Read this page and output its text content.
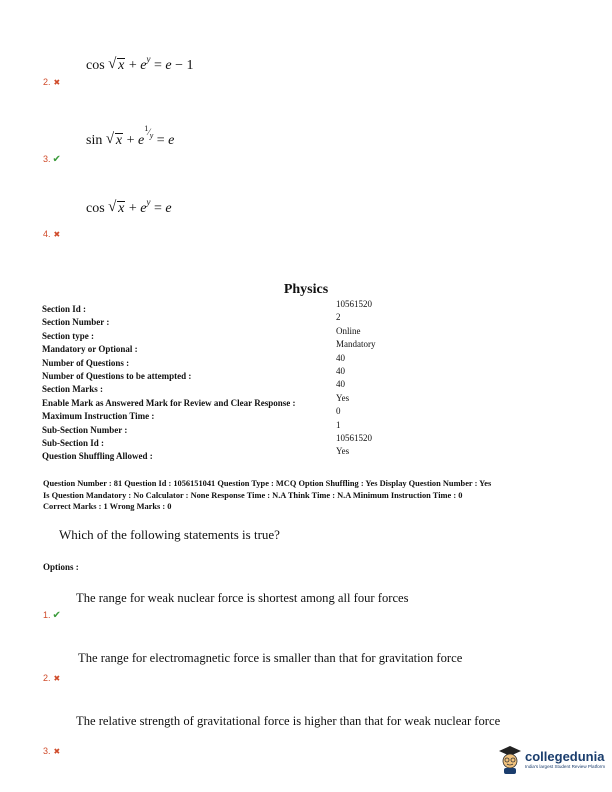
cos √ $x + e^y = e - 1$
2. ✖
sin √ $x + e^{^1⁄_y} = e$
3. ✔
cos √ $x + e^y = e$
4. ✖
Physics
Section Id :	10561520
Section Number :	2
Section type :	Online
Mandatory or Optional :	Mandatory
Number of Questions :	40
Number of Questions to be attempted :	40
Section Marks :	40
Enable Mark as Answered Mark for Review and Clear Response :	Yes
Maximum Instruction Time :	0
Sub-Section Number :	1
Sub-Section Id :	10561520
Question Shuffling Allowed :	Yes
Question Number : 81 Question Id : 1056151041 Question Type : MCQ Option Shuffling : Yes Display Question Number : Yes
Is Question Mandatory : No Calculator : None Response Time : N.A Think Time : N.A Minimum Instruction Time : 0
Correct Marks : 1 Wrong Marks : 0
Which of the following statements is true?
Options :
The range for weak nuclear force is shortest among all four forces
1. ✔
The range for electromagnetic force is smaller than that for gravitation force
2. ✖
The relative strength of gravitational force is higher than that for weak nuclear force
3. ✖	collegedunia
India's largest Student Review Platform
